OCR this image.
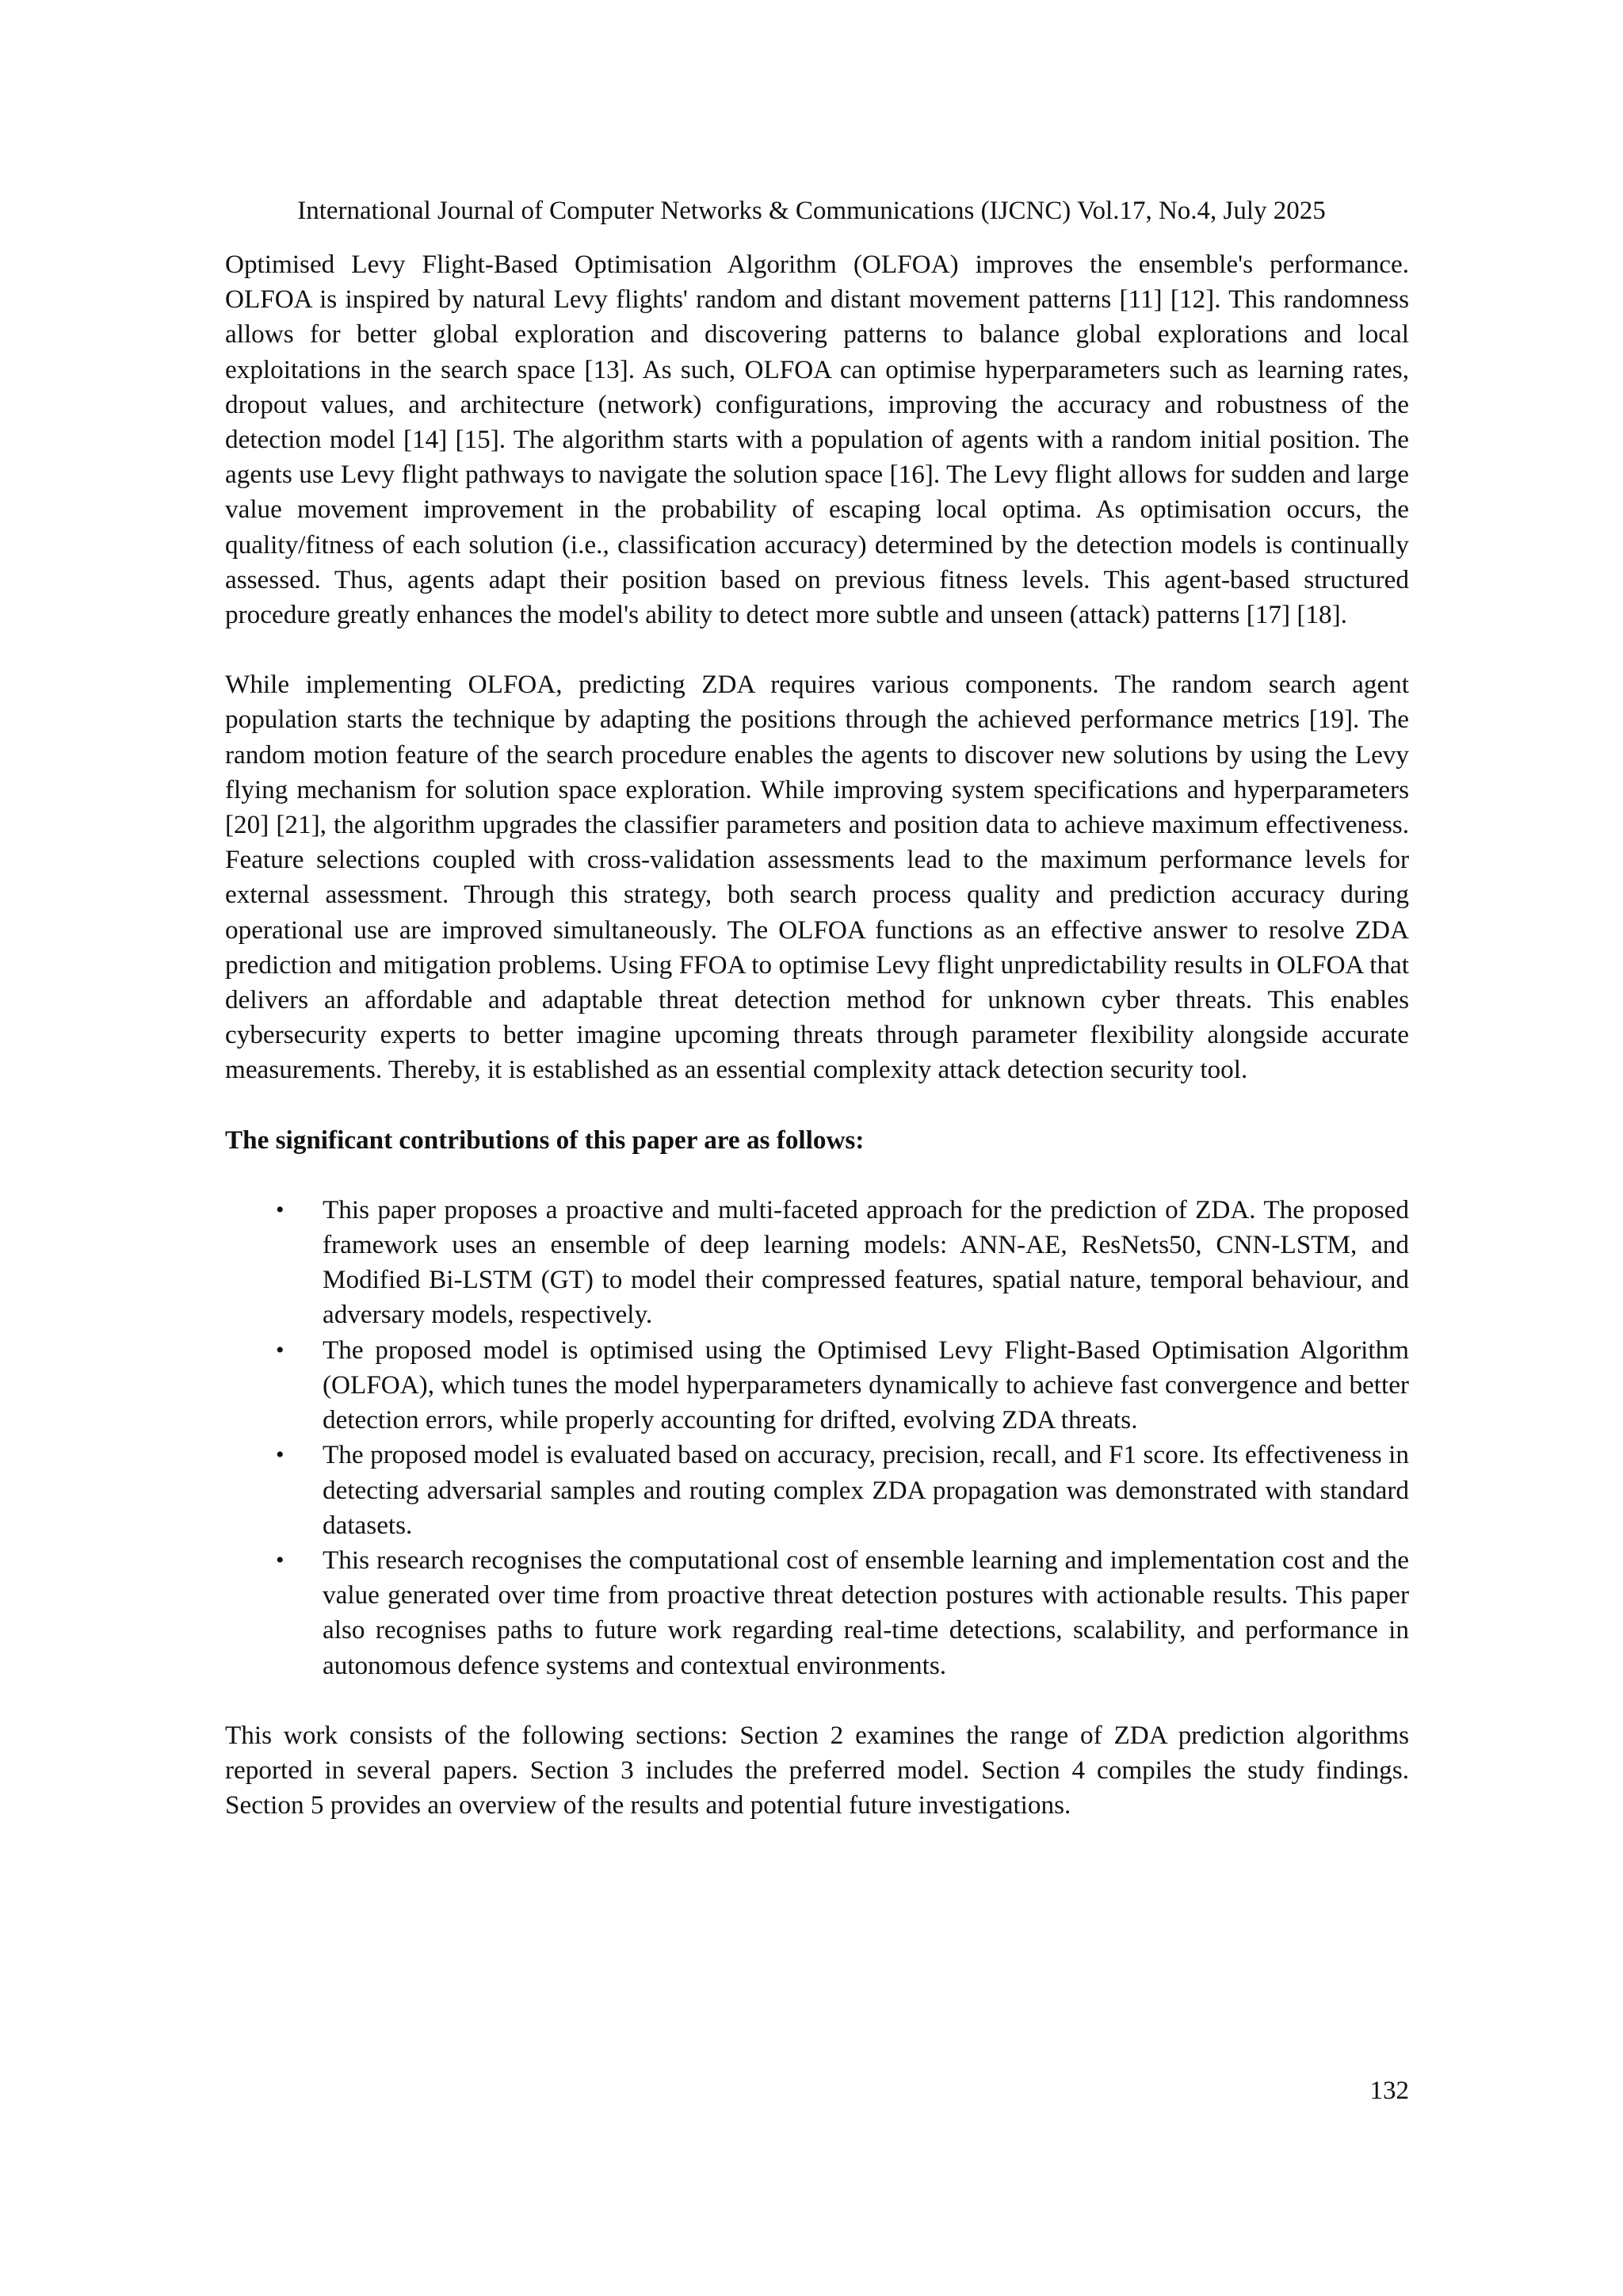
International Journal of Computer Networks & Communications (IJCNC) Vol.17, No.4, July 2025

Optimised Levy Flight-Based Optimisation Algorithm (OLFOA) improves the ensemble's performance. OLFOA is inspired by natural Levy flights' random and distant movement patterns [11] [12]. This randomness allows for better global exploration and discovering patterns to balance global explorations and local exploitations in the search space [13]. As such, OLFOA can optimise hyperparameters such as learning rates, dropout values, and architecture (network) configurations, improving the accuracy and robustness of the detection model [14] [15]. The algorithm starts with a population of agents with a random initial position. The agents use Levy flight pathways to navigate the solution space [16]. The Levy flight allows for sudden and large value movement improvement in the probability of escaping local optima. As optimisation occurs, the quality/fitness of each solution (i.e., classification accuracy) determined by the detection models is continually assessed. Thus, agents adapt their position based on previous fitness levels. This agent-based structured procedure greatly enhances the model's ability to detect more subtle and unseen (attack) patterns [17] [18].

While implementing OLFOA, predicting ZDA requires various components. The random search agent population starts the technique by adapting the positions through the achieved performance metrics [19]. The random motion feature of the search procedure enables the agents to discover new solutions by using the Levy flying mechanism for solution space exploration. While improving system specifications and hyperparameters [20] [21], the algorithm upgrades the classifier parameters and position data to achieve maximum effectiveness. Feature selections coupled with cross-validation assessments lead to the maximum performance levels for external assessment. Through this strategy, both search process quality and prediction accuracy during operational use are improved simultaneously. The OLFOA functions as an effective answer to resolve ZDA prediction and mitigation problems. Using FFOA to optimise Levy flight unpredictability results in OLFOA that delivers an affordable and adaptable threat detection method for unknown cyber threats. This enables cybersecurity experts to better imagine upcoming threats through parameter flexibility alongside accurate measurements. Thereby, it is established as an essential complexity attack detection security tool.

The significant contributions of this paper are as follows:

• This paper proposes a proactive and multi-faceted approach for the prediction of ZDA. The proposed framework uses an ensemble of deep learning models: ANN-AE, ResNets50, CNN-LSTM, and Modified Bi-LSTM (GT) to model their compressed features, spatial nature, temporal behaviour, and adversary models, respectively.
• The proposed model is optimised using the Optimised Levy Flight-Based Optimisation Algorithm (OLFOA), which tunes the model hyperparameters dynamically to achieve fast convergence and better detection errors, while properly accounting for drifted, evolving ZDA threats.
• The proposed model is evaluated based on accuracy, precision, recall, and F1 score. Its effectiveness in detecting adversarial samples and routing complex ZDA propagation was demonstrated with standard datasets.
• This research recognises the computational cost of ensemble learning and implementation cost and the value generated over time from proactive threat detection postures with actionable results. This paper also recognises paths to future work regarding real-time detections, scalability, and performance in autonomous defence systems and contextual environments.

This work consists of the following sections: Section 2 examines the range of ZDA prediction algorithms reported in several papers. Section 3 includes the preferred model. Section 4 compiles the study findings. Section 5 provides an overview of the results and potential future investigations.

132
